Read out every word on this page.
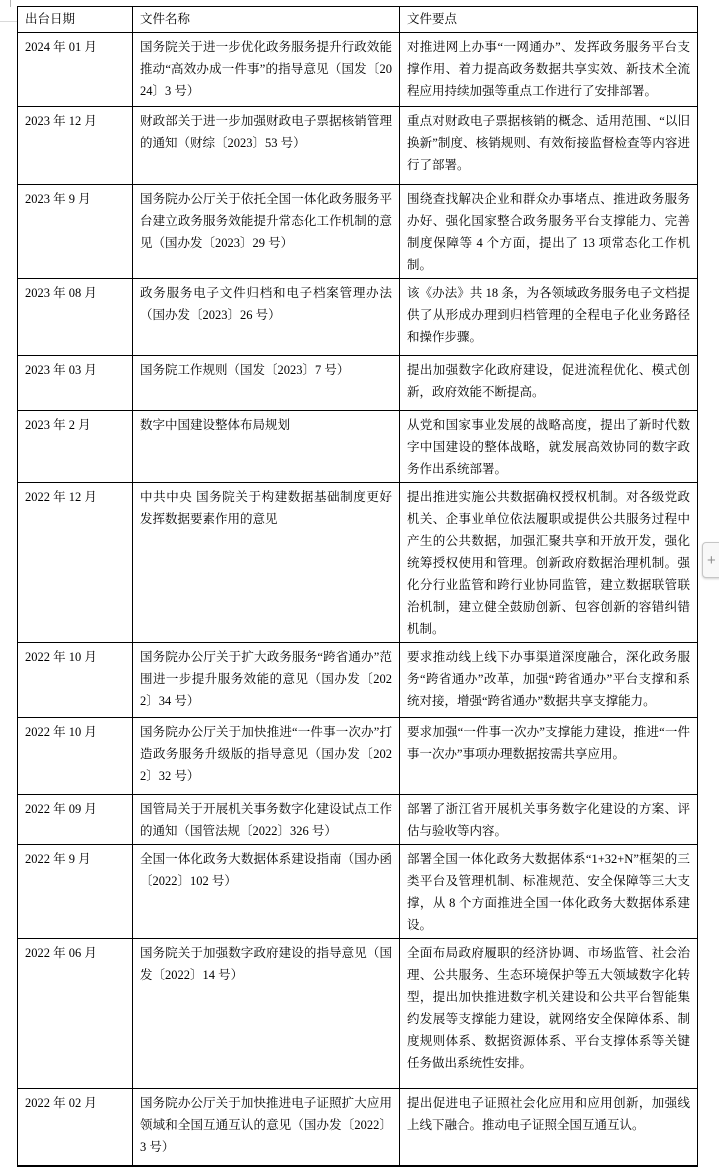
出台日期	文件名称	文件要点
2024 年 01 月	国务院关于进一步优化政务服务提升行政效能推动“高效办成一件事”的指导意见（国发〔2024〕3 号）	对推进网上办事“一网通办”、发挥政务服务平台支撑作用、着力提高政务数据共享实效、新技术全流程应用持续加强等重点工作进行了安排部署。
2023 年 12 月	财政部关于进一步加强财政电子票据核销管理的通知（财综〔2023〕53 号）	重点对财政电子票据核销的概念、适用范围、“以旧换新”制度、核销规则、有效衔接监督检查等内容进行了部署。
2023 年 9 月	国务院办公厅关于依托全国一体化政务服务平台建立政务服务效能提升常态化工作机制的意见（国办发〔2023〕29 号）	围绕查找解决企业和群众办事堵点、推进政务服务办好、强化国家整合政务服务平台支撑能力、完善制度保障等 4 个方面，提出了 13 项常态化工作机制。
2023 年 08 月	政务服务电子文件归档和电子档案管理办法（国办发〔2023〕26 号）	该《办法》共 18 条，为各领域政务服务电子文档提供了从形成办理到归档管理的全程电子化业务路径和操作步骤。
2023 年 03 月	国务院工作规则（国发〔2023〕7 号）	提出加强数字化政府建设，促进流程优化、模式创新，政府效能不断提高。
2023 年 2 月	数字中国建设整体布局规划	从党和国家事业发展的战略高度，提出了新时代数字中国建设的整体战略，就发展高效协同的数字政务作出系统部署。
2022 年 12 月	中共中央 国务院关于构建数据基础制度更好发挥数据要素作用的意见	提出推进实施公共数据确权授权机制。对各级党政机关、企事业单位依法履职或提供公共服务过程中产生的公共数据，加强汇聚共享和开放开发，强化统筹授权使用和管理。创新政府数据治理机制。强化分行业监管和跨行业协同监管，建立数据联管联治机制，建立健全鼓励创新、包容创新的容错纠错机制。
2022 年 10 月	国务院办公厅关于扩大政务服务“跨省通办”范围进一步提升服务效能的意见（国办发〔2022〕34 号）	要求推动线上线下办事渠道深度融合，深化政务服务“跨省通办”改革，加强“跨省通办”平台支撑和系统对接，增强“跨省通办”数据共享支撑能力。
2022 年 10 月	国务院办公厅关于加快推进“一件事一次办”打造政务服务升级版的指导意见（国办发〔2022〕32 号）	要求加强“一件事一次办”支撑能力建设，推进“一件事一次办”事项办理数据按需共享应用。
2022 年 09 月	国管局关于开展机关事务数字化建设试点工作的通知（国管法规〔2022〕326 号）	部署了浙江省开展机关事务数字化建设的方案、评估与验收等内容。
2022 年 9 月	全国一体化政务大数据体系建设指南（国办函〔2022〕102 号）	部署全国一体化政务大数据体系“1+32+N”框架的三类平台及管理机制、标准规范、安全保障等三大支撑，从 8 个方面推进全国一体化政务大数据体系建设。
2022 年 06 月	国务院关于加强数字政府建设的指导意见（国发〔2022〕14 号）	全面布局政府履职的经济协调、市场监管、社会治理、公共服务、生态环境保护等五大领域数字化转型，提出加快推进数字机关建设和公共平台智能集约发展等支撑能力建设，就网络安全保障体系、制度规则体系、数据资源体系、平台支撑体系等关键任务做出系统性安排。
2022 年 02 月	国务院办公厅关于加快推进电子证照扩大应用领域和全国互通互认的意见（国办发〔2022〕3 号）	提出促进电子证照社会化应用和应用创新，加强线上线下融合。推动电子证照全国互通互认。
+
